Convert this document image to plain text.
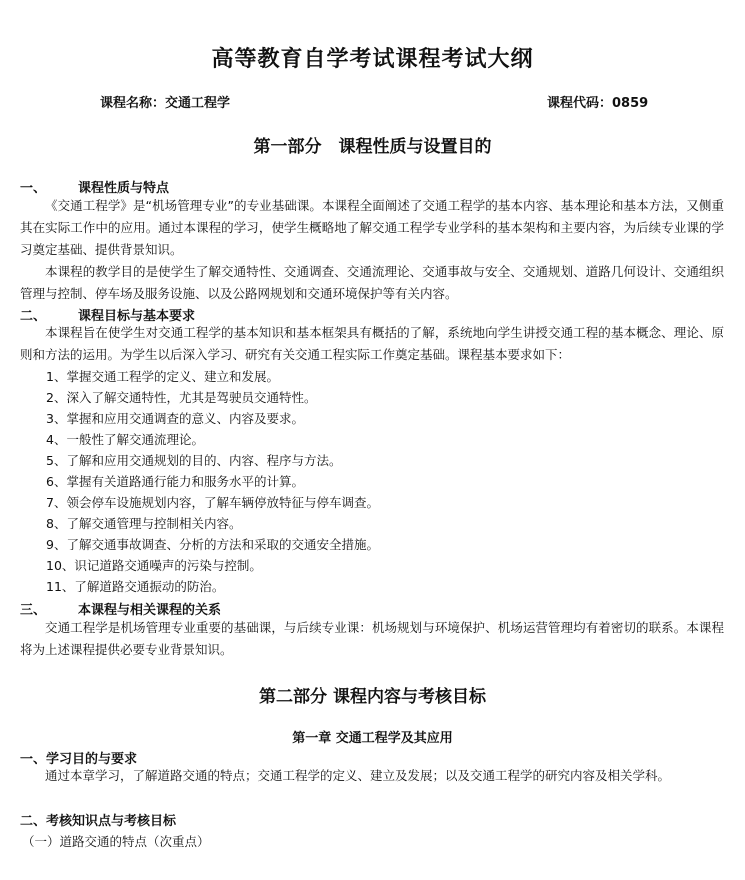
高等教育自学考试课程考试大纲
课程名称：交通工程学	课程代码：0859
第一部分　课程性质与设置目的
一、 课程性质与特点
《交通工程学》是“机场管理专业”的专业基础课。本课程全面阐述了交通工程学的基本内容、基本理论和基本方法，又侧重其在实际工作中的应用。通过本课程的学习，使学生概略地了解交通工程学专业学科的基本架构和主要内容，为后续专业课的学习奠定基础、提供背景知识。
本课程的教学目的是使学生了解交通特性、交通调查、交通流理论、交通事故与安全、交通规划、道路几何设计、交通组织管理与控制、停车场及服务设施、以及公路网规划和交通环境保护等有关内容。
二、 课程目标与基本要求
本课程旨在使学生对交通工程学的基本知识和基本框架具有概括的了解，系统地向学生讲授交通工程的基本概念、理论、原则和方法的运用。为学生以后深入学习、研究有关交通工程实际工作奠定基础。课程基本要求如下：
1、掌握交通工程学的定义、建立和发展。
2、深入了解交通特性，尤其是驾驶员交通特性。
3、掌握和应用交通调查的意义、内容及要求。
4、一般性了解交通流理论。
5、了解和应用交通规划的目的、内容、程序与方法。
6、掌握有关道路通行能力和服务水平的计算。
7、领会停车设施规划内容，了解车辆停放特征与停车调查。
8、了解交通管理与控制相关内容。
9、了解交通事故调查、分析的方法和采取的交通安全措施。
10、识记道路交通噪声的污染与控制。
11、了解道路交通振动的防治。
三、 本课程与相关课程的关系
交通工程学是机场管理专业重要的基础课，与后续专业课：机场规划与环境保护、机场运营管理均有着密切的联系。本课程将为上述课程提供必要专业背景知识。
第二部分 课程内容与考核目标
第一章 交通工程学及其应用
一、学习目的与要求
通过本章学习，了解道路交通的特点；交通工程学的定义、建立及发展；以及交通工程学的研究内容及相关学科。
二、考核知识点与考核目标
（一）道路交通的特点（次重点）
